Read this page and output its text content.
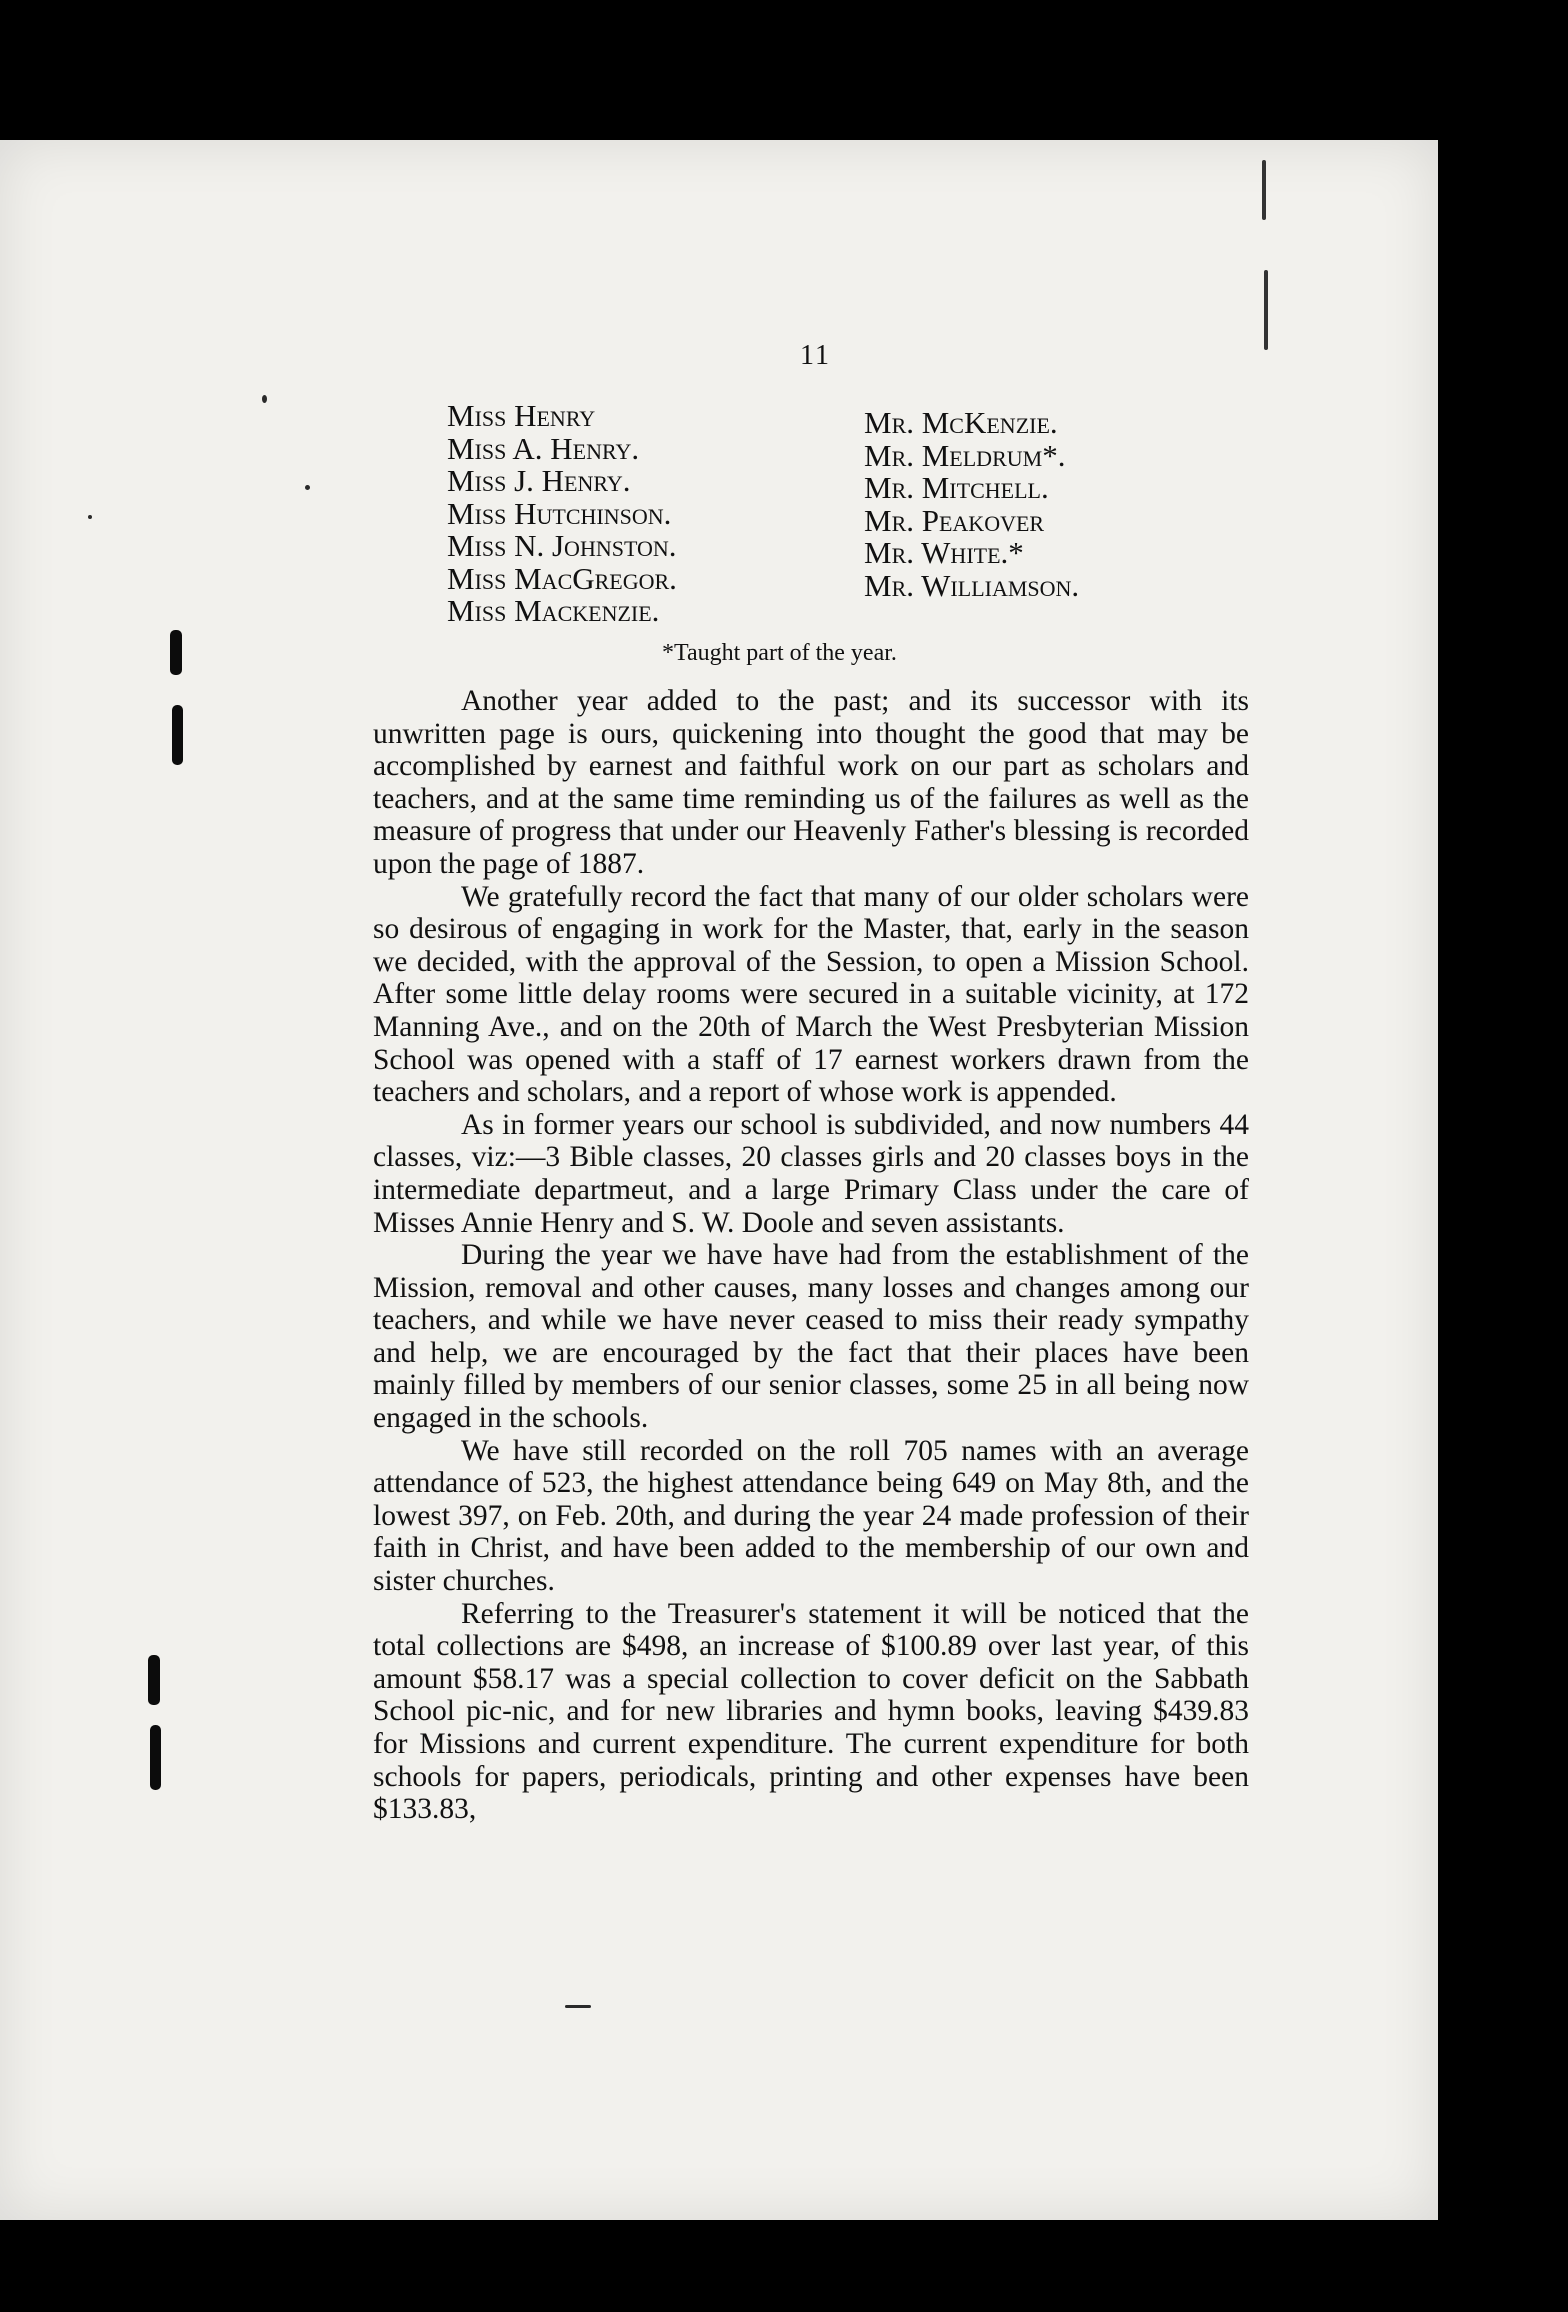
11
Miss Henry
Miss A. Henry.
Miss J. Henry.
Miss Hutchinson.
Miss N. Johnston.
Miss MacGregor.
Miss Mackenzie.
Mr. McKenzie.
Mr. Meldrum*.
Mr. Mitchell.
Mr. Peakover
Mr. White.*
Mr. Williamson.
*Taught part of the year.

Another year added to the past; and its successor with its unwritten page is ours, quickening into thought the good that may be accomplished by earnest and faithful work on our part as scholars and teachers, and at the same time reminding us of the failures as well as the measure of progress that under our Heavenly Father's blessing is recorded upon the page of 1887.

We gratefully record the fact that many of our older scholars were so desirous of engaging in work for the Master, that, early in the season we decided, with the approval of the Session, to open a Mission School. After some little delay rooms were secured in a suitable vicinity, at 172 Manning Ave., and on the 20th of March the West Presbyterian Mission School was opened with a staff of 17 earnest workers drawn from the teachers and scholars, and a report of whose work is appended.

As in former years our school is subdivided, and now numbers 44 classes, viz:—3 Bible classes, 20 classes girls and 20 classes boys in the intermediate departmeut, and a large Primary Class under the care of Misses Annie Henry and S. W. Doole and seven assistants.

During the year we have have had from the establishment of the Mission, removal and other causes, many losses and changes among our teachers, and while we have never ceased to miss their ready sympathy and help, we are encouraged by the fact that their places have been mainly filled by members of our senior classes, some 25 in all being now engaged in the schools.

We have still recorded on the roll 705 names with an average attendance of 523, the highest attendance being 649 on May 8th, and the lowest 397, on Feb. 20th, and during the year 24 made profession of their faith in Christ, and have been added to the membership of our own and sister churches.

Referring to the Treasurer's statement it will be noticed that the total collections are $498, an increase of $100.89 over last year, of this amount $58.17 was a special collection to cover deficit on the Sabbath School pic-nic, and for new libraries and hymn books, leaving $439.83 for Missions and current expenditure. The current expenditure for both schools for papers, periodicals, printing and other expenses have been $133.83,
